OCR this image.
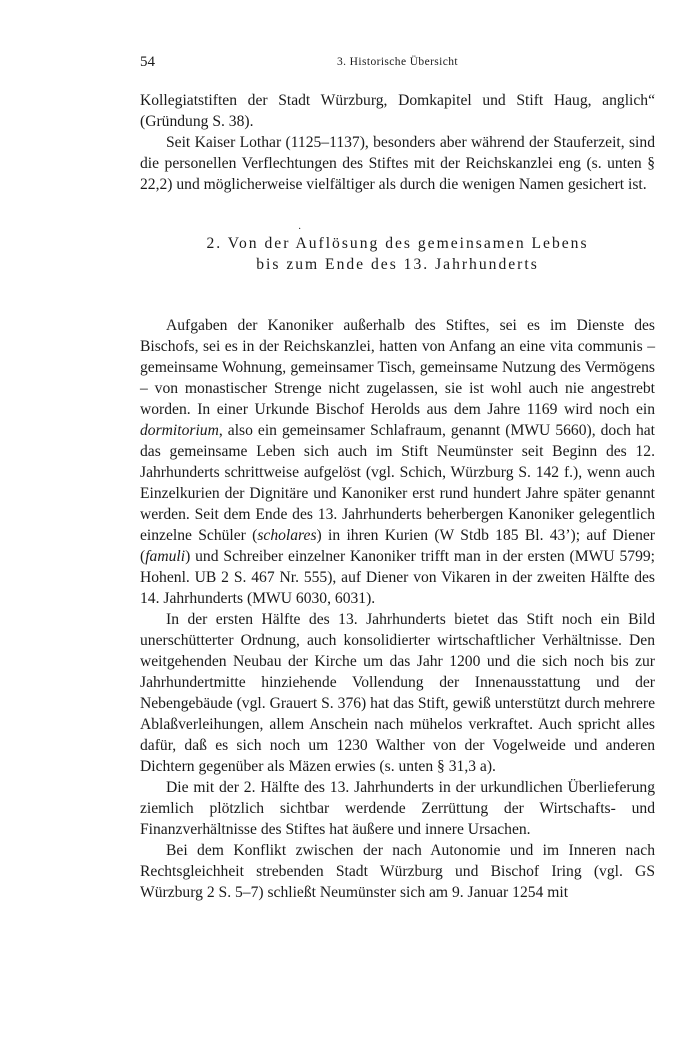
54	3. Historische Übersicht

Kollegiatstiften der Stadt Würzburg, Domkapitel und Stift Haug, anglich“ (Gründung S. 38).

Seit Kaiser Lothar (1125–1137), besonders aber während der Stauferzeit, sind die personellen Verflechtungen des Stiftes mit der Reichskanzlei eng (s. unten § 22,2) und möglicherweise vielfältiger als durch die wenigen Namen gesichert ist.

·
2. Von der Auflösung des gemeinsamen Lebens
bis zum Ende des 13. Jahrhunderts

Aufgaben der Kanoniker außerhalb des Stiftes, sei es im Dienste des Bischofs, sei es in der Reichskanzlei, hatten von Anfang an eine vita communis – gemeinsame Wohnung, gemeinsamer Tisch, gemeinsame Nutzung des Vermögens – von monastischer Strenge nicht zugelassen, sie ist wohl auch nie angestrebt worden. In einer Urkunde Bischof Herolds aus dem Jahre 1169 wird noch ein dormitorium, also ein gemeinsamer Schlafraum, genannt (MWU 5660), doch hat das gemeinsame Leben sich auch im Stift Neumünster seit Beginn des 12. Jahrhunderts schrittweise aufgelöst (vgl. Schich, Würzburg S. 142 f.), wenn auch Einzelkurien der Dignitäre und Kanoniker erst rund hundert Jahre später genannt werden. Seit dem Ende des 13. Jahrhunderts beherbergen Kanoniker gelegentlich einzelne Schüler (scholares) in ihren Kurien (W Stdb 185 Bl. 43’); auf Diener (famuli) und Schreiber einzelner Kanoniker trifft man in der ersten (MWU 5799; Hohenl. UB 2 S. 467 Nr. 555), auf Diener von Vikaren in der zweiten Hälfte des 14. Jahrhunderts (MWU 6030, 6031).

In der ersten Hälfte des 13. Jahrhunderts bietet das Stift noch ein Bild unerschütterter Ordnung, auch konsolidierter wirtschaftlicher Verhältnisse. Den weitgehenden Neubau der Kirche um das Jahr 1200 und die sich noch bis zur Jahrhundertmitte hinziehende Vollendung der Innenausstattung und der Nebengebäude (vgl. Grauert S. 376) hat das Stift, gewiß unterstützt durch mehrere Ablaßverleihungen, allem Anschein nach mühelos verkraftet. Auch spricht alles dafür, daß es sich noch um 1230 Walther von der Vogelweide und anderen Dichtern gegenüber als Mäzen erwies (s. unten § 31,3 a).

Die mit der 2. Hälfte des 13. Jahrhunderts in der urkundlichen Überlieferung ziemlich plötzlich sichtbar werdende Zerrüttung der Wirtschafts- und Finanzverhältnisse des Stiftes hat äußere und innere Ursachen.

Bei dem Konflikt zwischen der nach Autonomie und im Inneren nach Rechtsgleichheit strebenden Stadt Würzburg und Bischof Iring (vgl. GS Würzburg 2 S. 5–7) schließt Neumünster sich am 9. Januar 1254 mit
